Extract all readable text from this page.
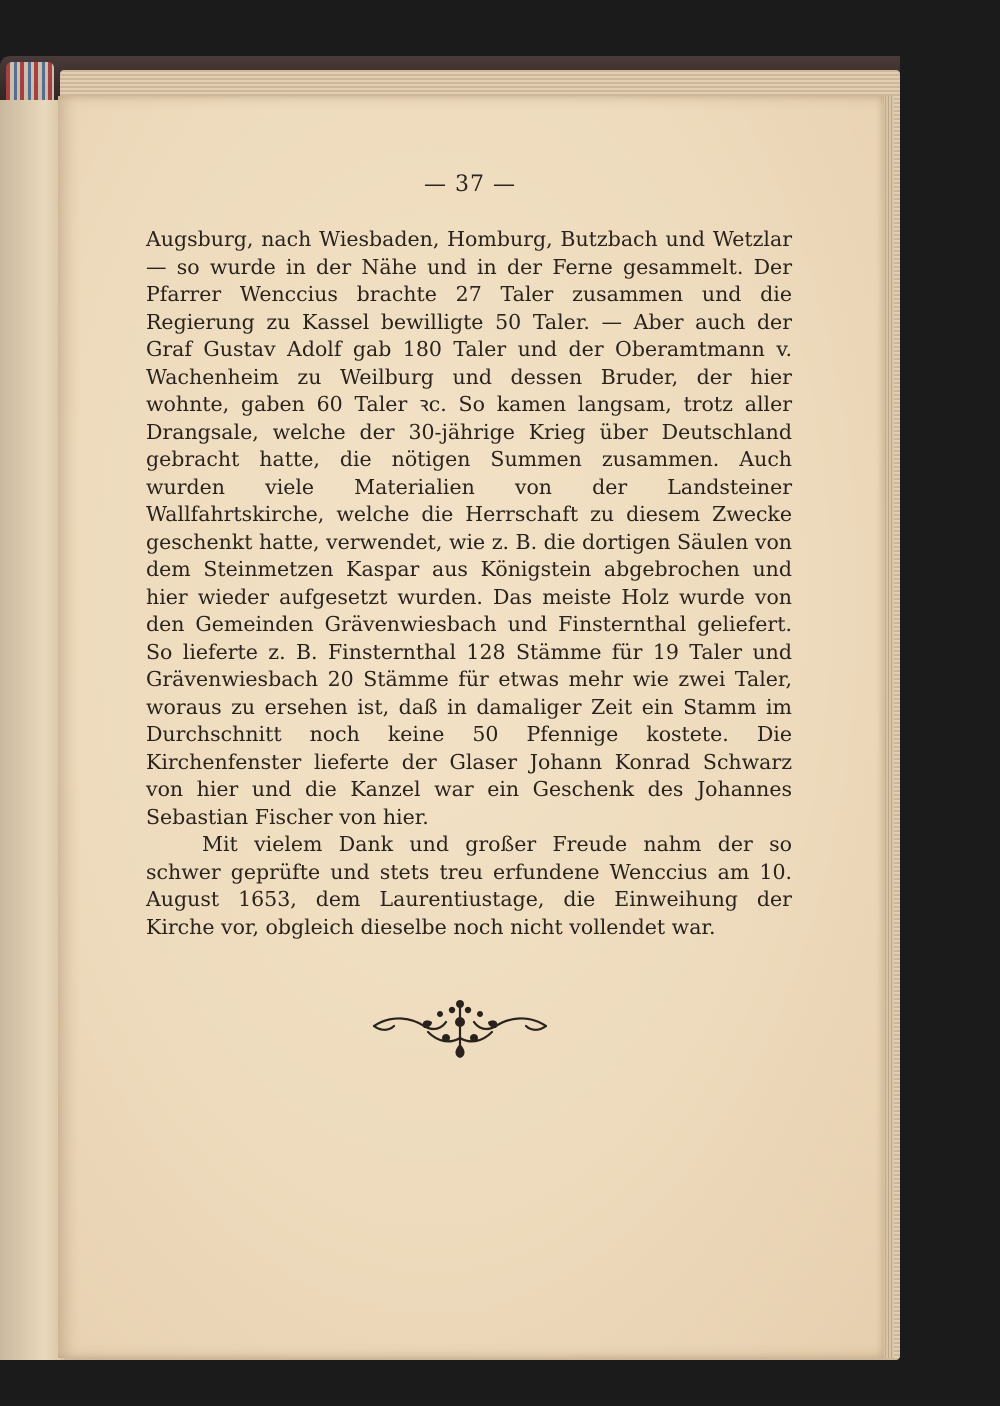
— 37 —

Augsburg, nach Wiesbaden, Homburg, Butzbach und Wetzlar — so wurde in der Nähe und in der Ferne gesammelt. Der Pfarrer Wenccius brachte 27 Taler zusammen und die Regierung zu Kassel bewilligte 50 Taler. — Aber auch der Graf Gustav Adolf gab 180 Taler und der Oberamtmann v. Wachenheim zu Weilburg und dessen Bruder, der hier wohnte, gaben 60 Taler ꝛc. So kamen langsam, trotz aller Drangsale, welche der 30-jährige Krieg über Deutschland gebracht hatte, die nötigen Summen zusammen. Auch wurden viele Materialien von der Landsteiner Wallfahrtskirche, welche die Herrschaft zu diesem Zwecke geschenkt hatte, verwendet, wie z. B. die dortigen Säulen von dem Steinmetzen Kaspar aus Königstein abgebrochen und hier wieder aufgesetzt wurden. Das meiste Holz wurde von den Gemeinden Grävenwiesbach und Finsternthal geliefert. So lieferte z. B. Finsternthal 128 Stämme für 19 Taler und Grävenwiesbach 20 Stämme für etwas mehr wie zwei Taler, woraus zu ersehen ist, daß in damaliger Zeit ein Stamm im Durchschnitt noch keine 50 Pfennige kostete. Die Kirchenfenster lieferte der Glaser Johann Konrad Schwarz von hier und die Kanzel war ein Geschenk des Johannes Sebastian Fischer von hier.

Mit vielem Dank und großer Freude nahm der so schwer geprüfte und stets treu erfundene Wenccius am 10. August 1653, dem Laurentiustage, die Einweihung der Kirche vor, obgleich dieselbe noch nicht vollendet war.
